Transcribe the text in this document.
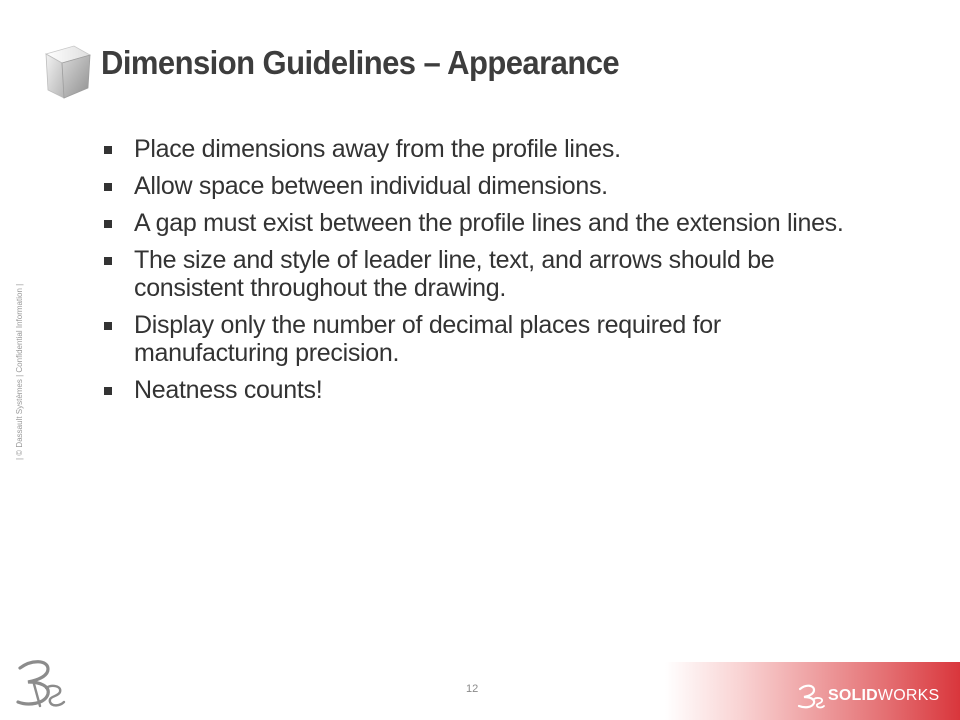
Dimension Guidelines – Appearance
Place dimensions away from the profile lines.
Allow space between individual dimensions.
A gap must exist between the profile lines and the extension lines.
The size and style of leader line, text, and arrows should be consistent throughout the drawing.
Display only the number of decimal places required for manufacturing precision.
Neatness counts!
| © Dassault Systèmes | Confidential Information |
12	SOLIDWORKS
